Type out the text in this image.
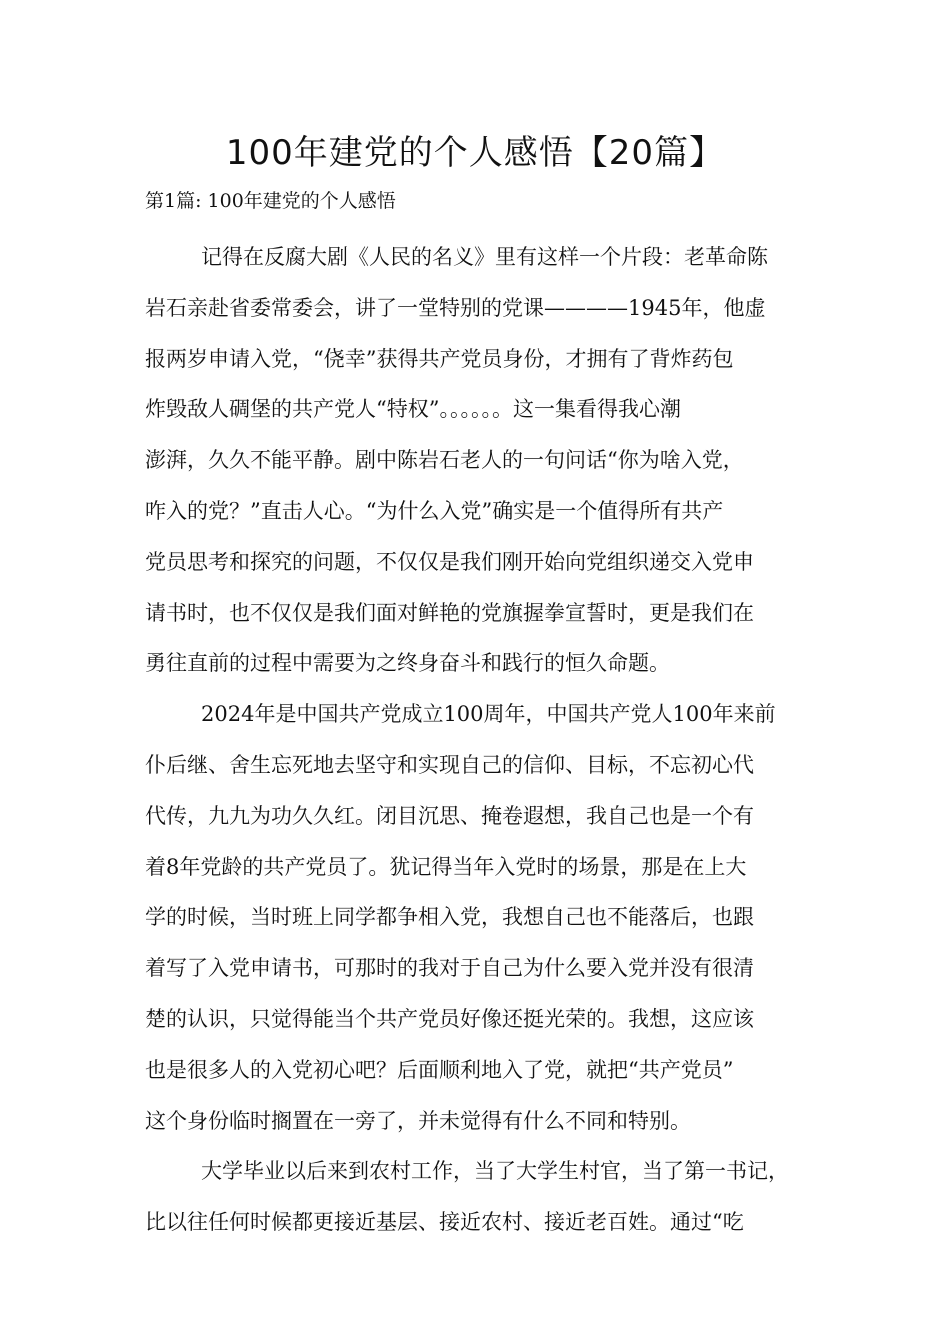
100年建党的个人感悟【20篇】
第1篇: 100年建党的个人感悟

记得在反腐大剧《人民的名义》里有这样一个片段：老革命陈
岩石亲赴省委常委会，讲了一堂特别的党课————1945年，他虚
报两岁申请入党，“侥幸”获得共产党员身份，才拥有了背炸药包
炸毁敌人碉堡的共产党人“特权”。。。。。。这一集看得我心潮
澎湃，久久不能平静。剧中陈岩石老人的一句问话“你为啥入党，
咋入的党？”直击人心。“为什么入党”确实是一个值得所有共产
党员思考和探究的问题，不仅仅是我们刚开始向党组织递交入党申
请书时，也不仅仅是我们面对鲜艳的党旗握拳宣誓时，更是我们在
勇往直前的过程中需要为之终身奋斗和践行的恒久命题。

2024年是中国共产党成立100周年，中国共产党人100年来前
仆后继、舍生忘死地去坚守和实现自己的信仰、目标，不忘初心代
代传，九九为功久久红。闭目沉思、掩卷遐想，我自己也是一个有
着8年党龄的共产党员了。犹记得当年入党时的场景，那是在上大
学的时候，当时班上同学都争相入党，我想自己也不能落后，也跟
着写了入党申请书，可那时的我对于自己为什么要入党并没有很清
楚的认识，只觉得能当个共产党员好像还挺光荣的。我想，这应该
也是很多人的入党初心吧？后面顺利地入了党，就把“共产党员”
这个身份临时搁置在一旁了，并未觉得有什么不同和特别。

大学毕业以后来到农村工作，当了大学生村官，当了第一书记，
比以往任何时候都更接近基层、接近农村、接近老百姓。通过“吃
